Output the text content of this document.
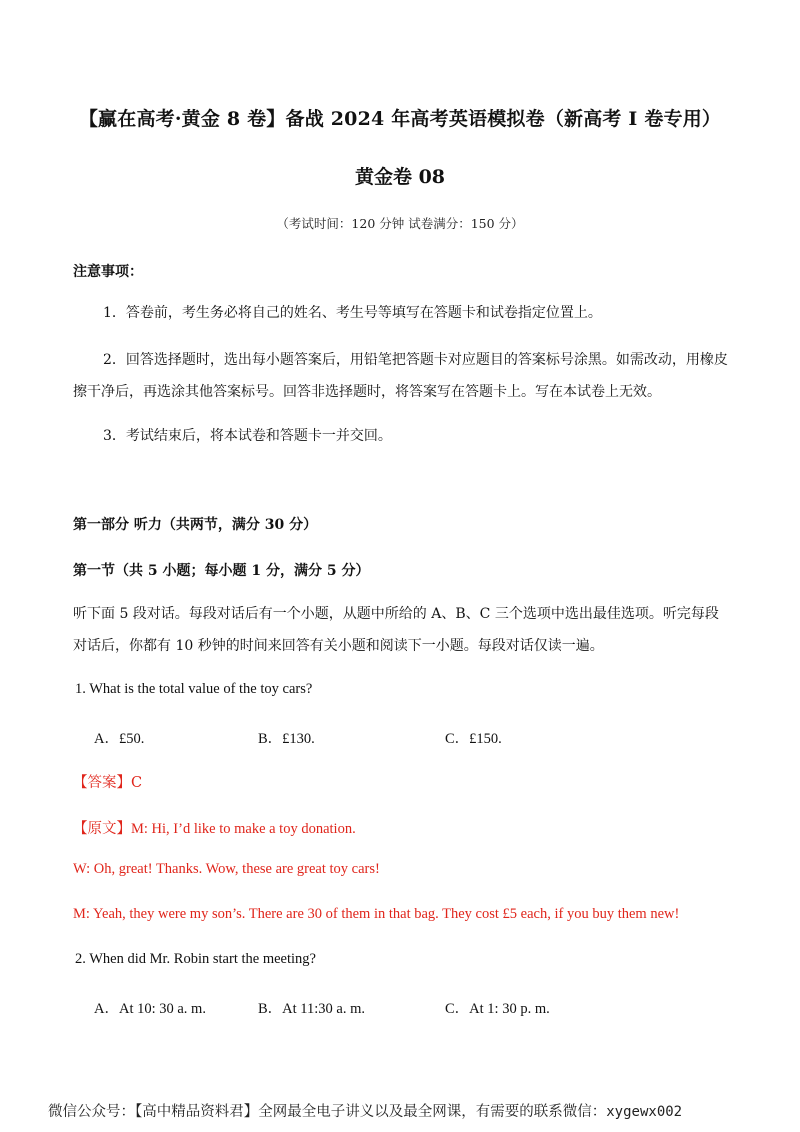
【赢在高考·黄金 8 卷】备战 2024 年高考英语模拟卷（新高考 I 卷专用）
黄金卷 08
（考试时间：120 分钟 试卷满分：150 分）
注意事项：
1．答卷前，考生务必将自己的姓名、考生号等填写在答题卡和试卷指定位置上。
2．回答选择题时，选出每小题答案后，用铅笔把答题卡对应题目的答案标号涂黑。如需改动，用橡皮擦干净后，再选涂其他答案标号。回答非选择题时，将答案写在答题卡上。写在本试卷上无效。
3．考试结束后，将本试卷和答题卡一并交回。
第一部分 听力（共两节，满分 30 分）
第一节（共 5 小题；每小题 1 分，满分 5 分）
听下面 5 段对话。每段对话后有一个小题，从题中所给的 A、B、C 三个选项中选出最佳选项。听完每段对话后，你都有 10 秒钟的时间来回答有关小题和阅读下一小题。每段对话仅读一遍。
1. What is the total value of the toy cars?
A．£50.	B．£130.	C．£150.
【答案】C
【原文】M: Hi, I’d like to make a toy donation.
W: Oh, great! Thanks. Wow, these are great toy cars!
M: Yeah, they were my son’s. There are 30 of them in that bag. They cost £5 each, if you buy them new!
2. When did Mr. Robin start the meeting?
A．At 10: 30 a. m.	B．At 11:30 a. m.	C．At 1: 30 p. m.
微信公众号：【高中精品资料君】全网最全电子讲义以及最全网课，有需要的联系微信：xygewx002
